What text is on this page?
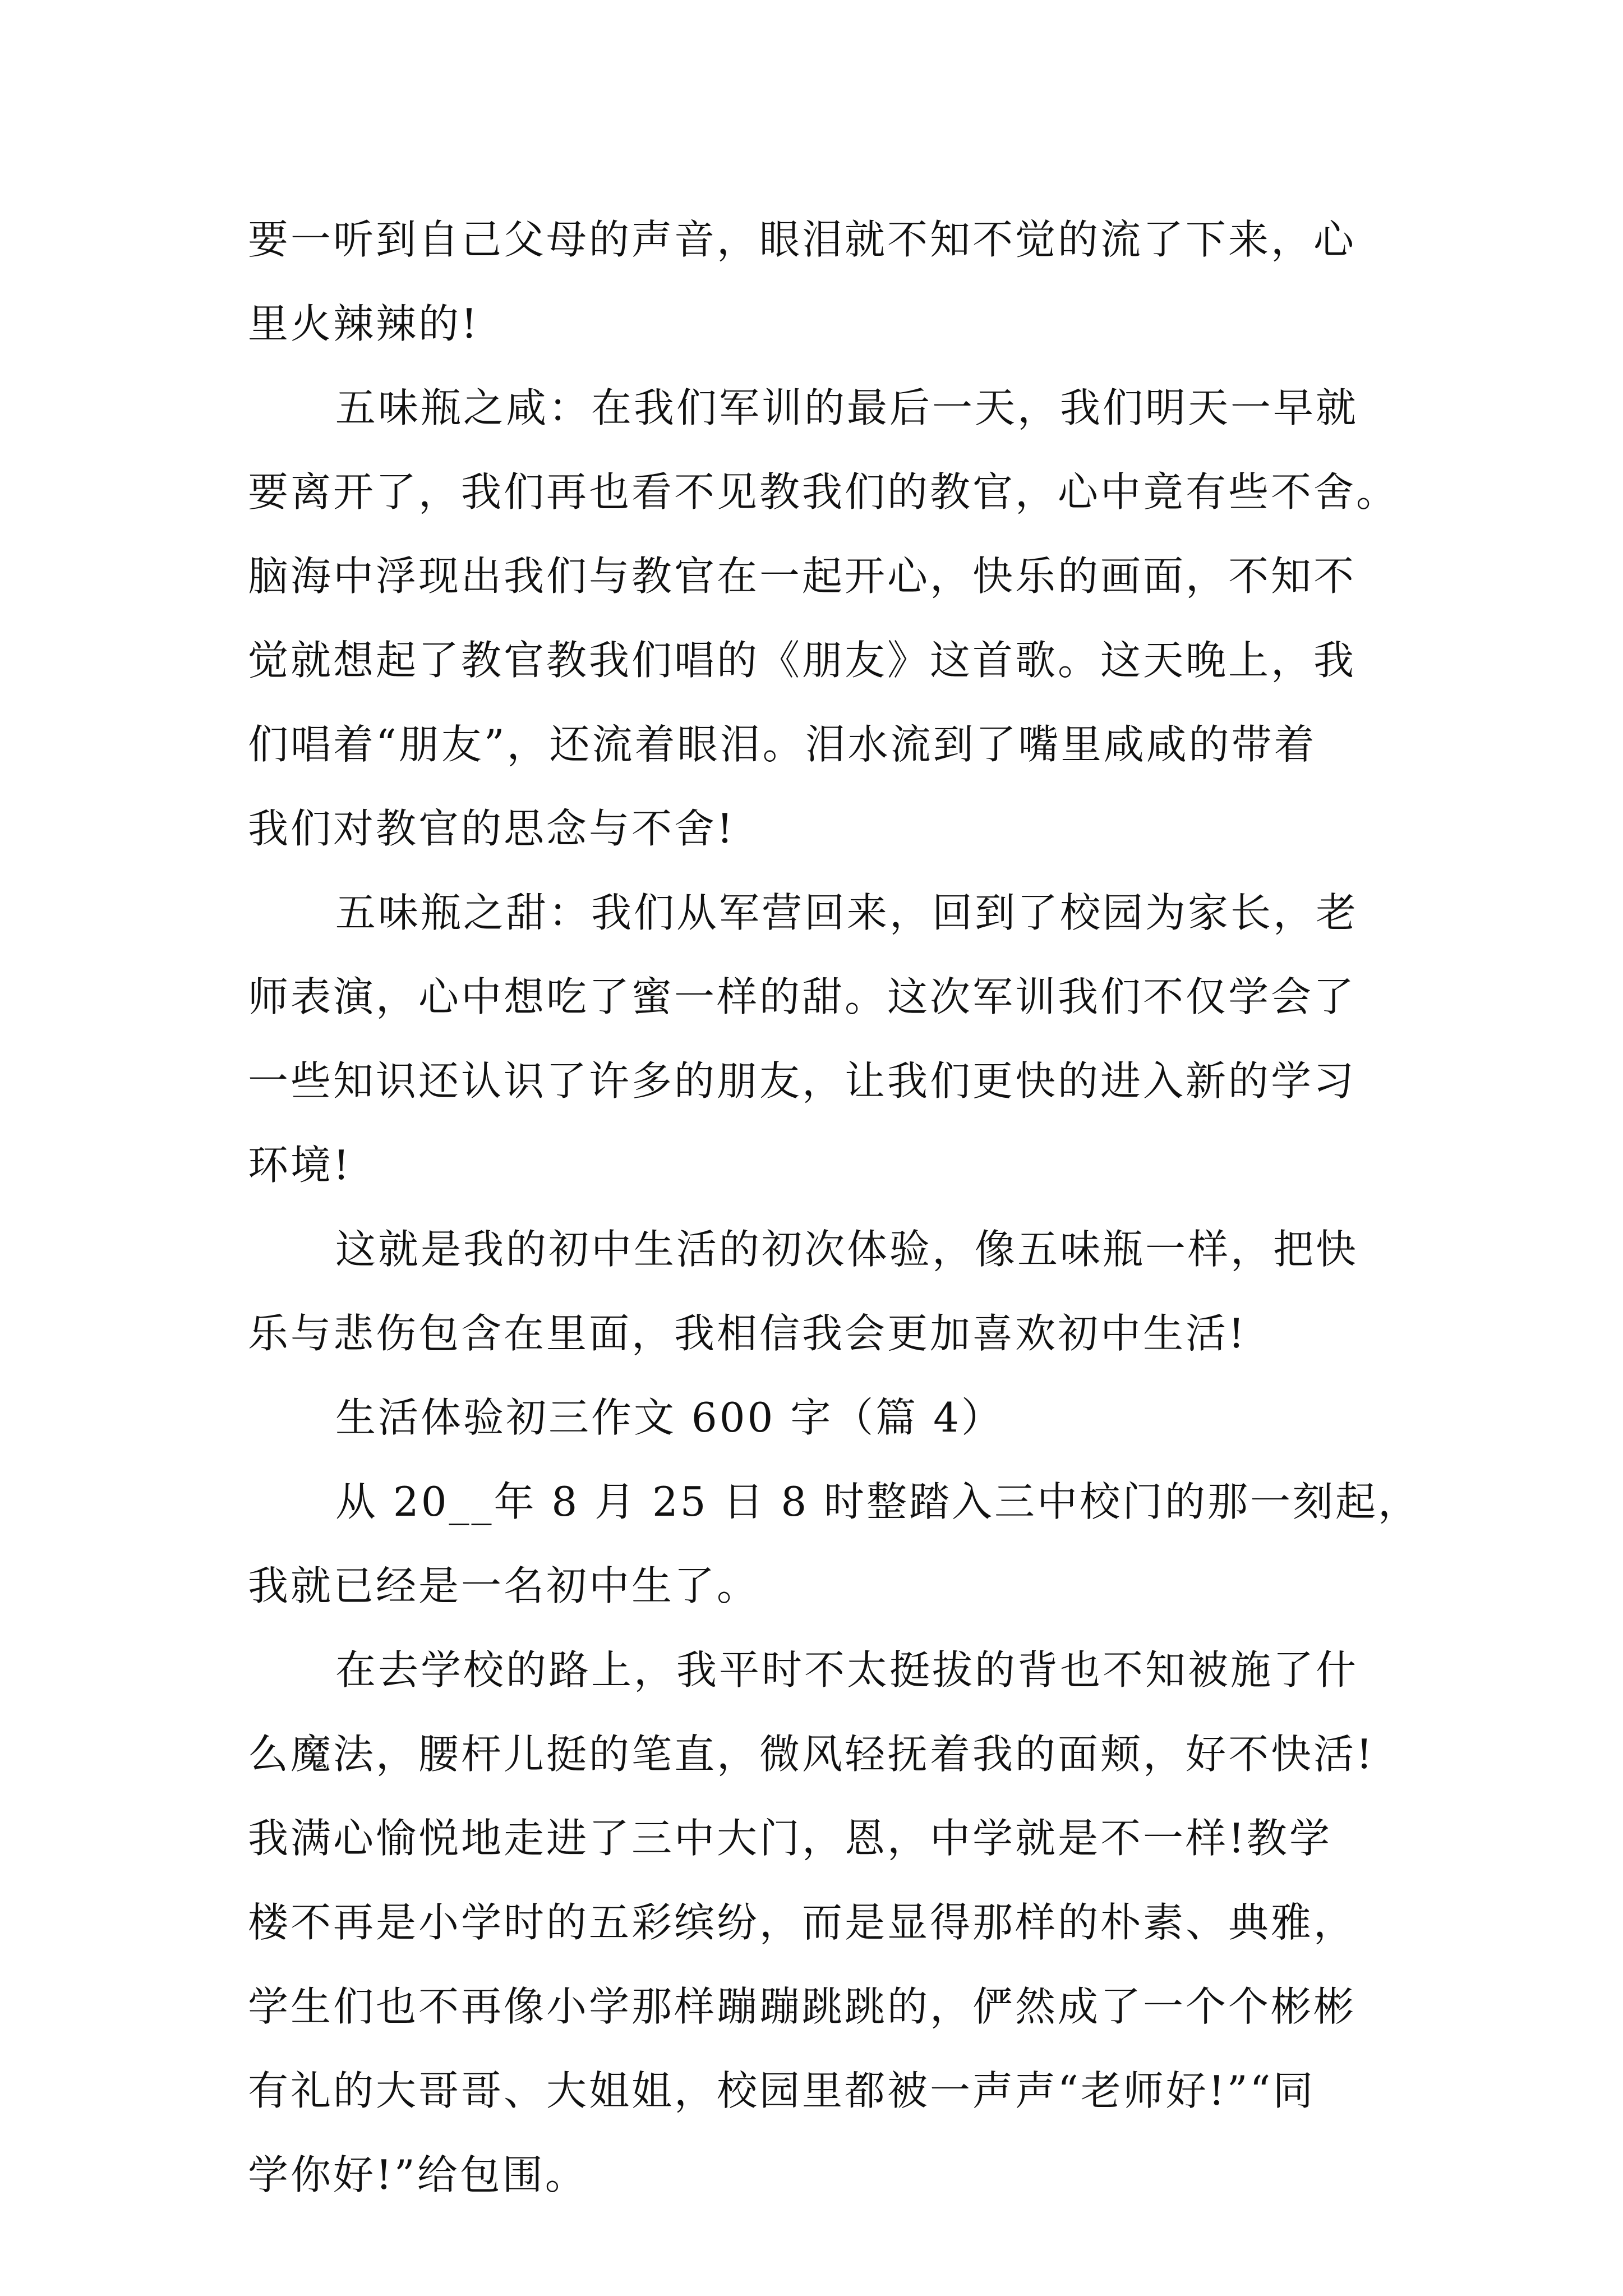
要一听到自己父母的声音，眼泪就不知不觉的流了下来，心
里火辣辣的!
五味瓶之咸：在我们军训的最后一天，我们明天一早就
要离开了，我们再也看不见教我们的教官，心中竟有些不舍。
脑海中浮现出我们与教官在一起开心，快乐的画面，不知不
觉就想起了教官教我们唱的《朋友》这首歌。这天晚上，我
们唱着“朋友”，还流着眼泪。泪水流到了嘴里咸咸的带着
我们对教官的思念与不舍!
五味瓶之甜：我们从军营回来，回到了校园为家长，老
师表演，心中想吃了蜜一样的甜。这次军训我们不仅学会了
一些知识还认识了许多的朋友，让我们更快的进入新的学习
环境!
这就是我的初中生活的初次体验，像五味瓶一样，把快
乐与悲伤包含在里面，我相信我会更加喜欢初中生活!
生活体验初三作文 600 字（篇 4）
从 20__年 8 月 25 日 8 时整踏入三中校门的那一刻起，
我就已经是一名初中生了。
在去学校的路上，我平时不太挺拔的背也不知被施了什
么魔法，腰杆儿挺的笔直，微风轻抚着我的面颊，好不快活!
我满心愉悦地走进了三中大门，恩，中学就是不一样!教学
楼不再是小学时的五彩缤纷，而是显得那样的朴素、典雅，
学生们也不再像小学那样蹦蹦跳跳的，俨然成了一个个彬彬
有礼的大哥哥、大姐姐，校园里都被一声声“老师好!”“同
学你好!”给包围。
